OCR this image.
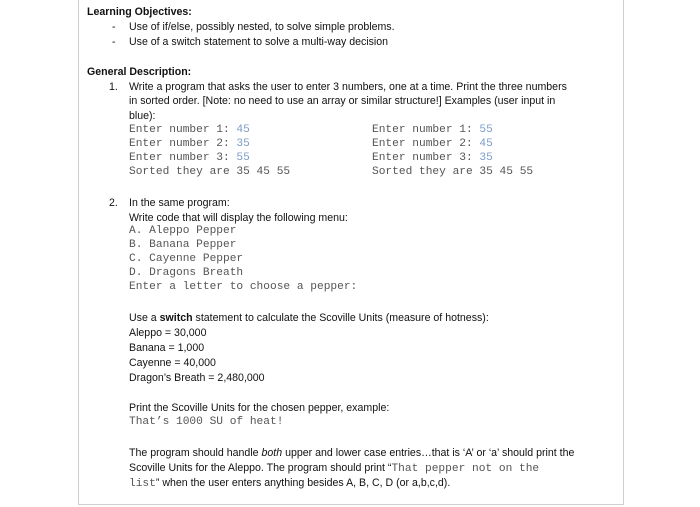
Learning Objectives:
- Use of if/else, possibly nested, to solve simple problems.
- Use of a switch statement to solve a multi-way decision
General Description:
1. Write a program that asks the user to enter 3 numbers, one at a time. Print the three numbers
in sorted order. [Note: no need to use an array or similar structure!] Examples (user input in
blue):
Enter number 1: 45
Enter number 2: 35
Enter number 3: 55
Sorted they are 35 45 55
Enter number 1: 55
Enter number 2: 45
Enter number 3: 35
Sorted they are 35 45 55
2. In the same program:
Write code that will display the following menu:
A. Aleppo Pepper
B. Banana Pepper
C. Cayenne Pepper
D. Dragons Breath
Enter a letter to choose a pepper:
Use a switch statement to calculate the Scoville Units (measure of hotness):
Aleppo = 30,000
Banana = 1,000
Cayenne = 40,000
Dragon’s Breath = 2,480,000
Print the Scoville Units for the chosen pepper, example:
That’s 1000 SU of heat!
The program should handle both upper and lower case entries…that is ‘A’ or ‘a’ should print the
Scoville Units for the Aleppo. The program should print “That pepper not on the
list” when the user enters anything besides A, B, C, D (or a,b,c,d).
